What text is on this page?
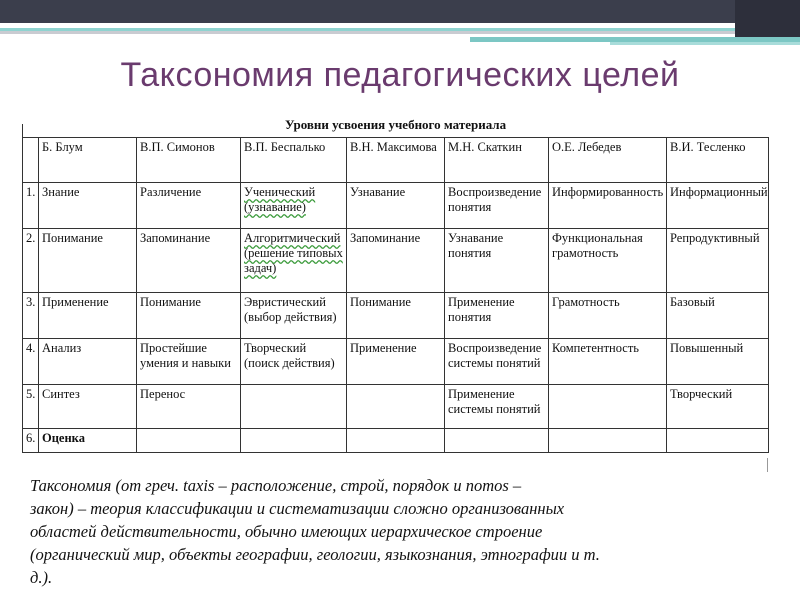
Таксономия педагогических целей
Уровни усвоения учебного материала
	Б. Блум	В.П. Симонов	В.П. Беспалько	В.Н. Максимова	М.Н. Скаткин	О.Е. Лебедев	В.И. Тесленко
1.	Знание	Различение	Ученический (узнавание)	Узнавание	Воспроизведение понятия	Информированность	Информационный
2.	Понимание	Запоминание	Алгоритмический (решение типовых задач)	Запоминание	Узнавание понятия	Функциональная грамотность	Репродуктивный
3.	Применение	Понимание	Эвристический (выбор действия)	Понимание	Применение понятия	Грамотность	Базовый
4.	Анализ	Простейшие умения и навыки	Творческий (поиск действия)	Применение	Воспроизведение системы понятий	Компетентность	Повышенный
5.	Синтез	Перенос			Применение системы понятий		Творческий
6.	Оценка						
Таксономия (от греч. taxis – расположение, строй, порядок и nomos –
закон) – теория классификации и систематизации сложно организованных
областей действительности, обычно имеющих иерархическое строение
(органический мир, объекты географии, геологии, языкознания, этнографии и т.
д.).
